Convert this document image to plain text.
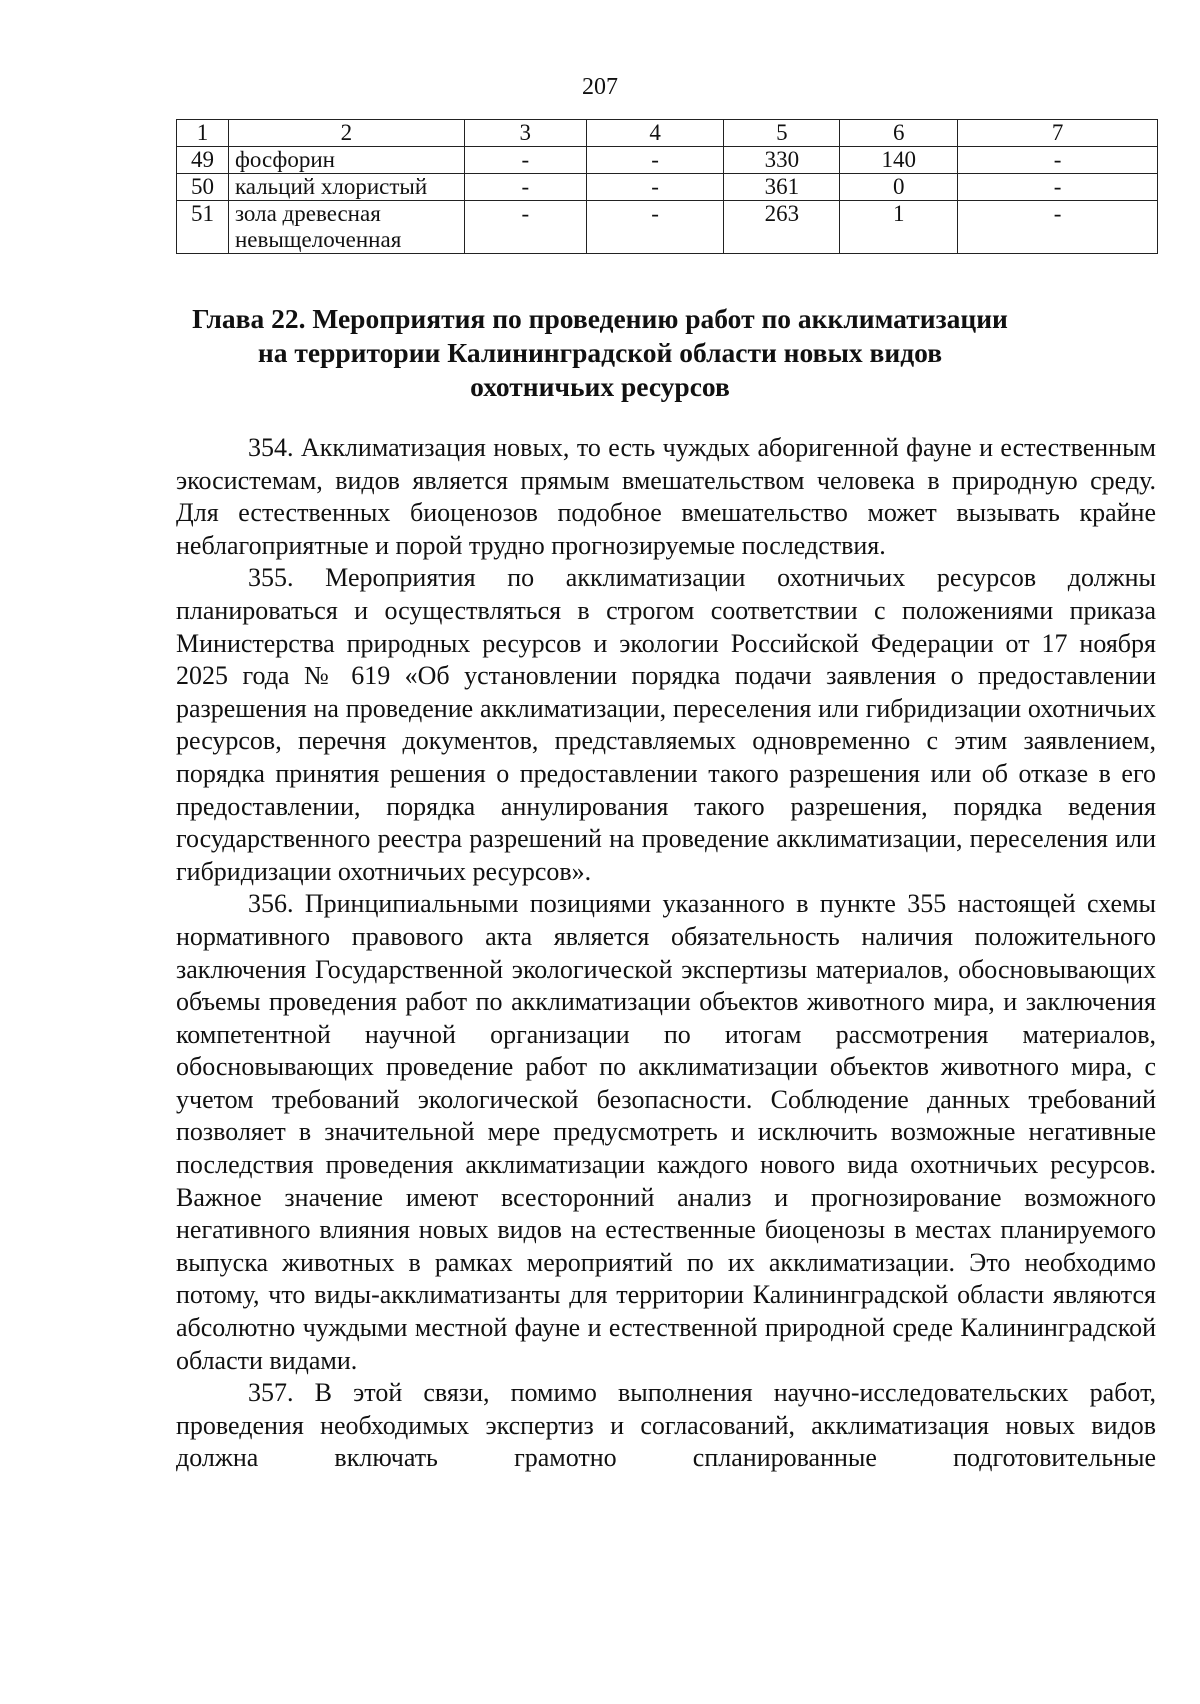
207
1	2	3	4	5	6	7
49	фосфорин	-	-	330	140	-
50	кальций хлористый	-	-	361	0	-
51	зола древесная невыщелоченная	-	-	263	1	-
Глава 22. Мероприятия по проведению работ по акклиматизации
на территории Калининградской области новых видов
охотничьих ресурсов

354. Акклиматизация новых, то есть чуждых аборигенной фауне и естественным экосистемам, видов является прямым вмешательством человека в природную среду. Для естественных биоценозов подобное вмешательство может вызывать крайне неблагоприятные и порой трудно прогнозируемые последствия.

355. Мероприятия по акклиматизации охотничьих ресурсов должны планироваться и осуществляться в строгом соответствии с положениями приказа Министерства природных ресурсов и экологии Российской Федерации от 17 ноября 2025 года № 619 «Об установлении порядка подачи заявления о предоставлении разрешения на проведение акклиматизации, переселения или гибридизации охотничьих ресурсов, перечня документов, представляемых одновременно с этим заявлением, порядка принятия решения о предоставлении такого разрешения или об отказе в его предоставлении, порядка аннулирования такого разрешения, порядка ведения государственного реестра разрешений на проведение акклиматизации, переселения или гибридизации охотничьих ресурсов».

356. Принципиальными позициями указанного в пункте 355 настоящей схемы нормативного правового акта является обязательность наличия положительного заключения Государственной экологической экспертизы материалов, обосновывающих объемы проведения работ по акклиматизации объектов животного мира, и заключения компетентной научной организации по итогам рассмотрения материалов, обосновывающих проведение работ по акклиматизации объектов животного мира, с учетом требований экологической безопасности. Соблюдение данных требований позволяет в значительной мере предусмотреть и исключить возможные негативные последствия проведения акклиматизации каждого нового вида охотничьих ресурсов. Важное значение имеют всесторонний анализ и прогнозирование возможного негативного влияния новых видов на естественные биоценозы в местах планируемого выпуска животных в рамках мероприятий по их акклиматизации. Это необходимо потому, что виды-акклиматизанты для территории Калининградской области являются абсолютно чуждыми местной фауне и естественной природной среде Калининградской области видами.

357. В этой связи, помимо выполнения научно-исследовательских работ, проведения необходимых экспертиз и согласований, акклиматизация новых видов должна включать грамотно спланированные подготовительные
